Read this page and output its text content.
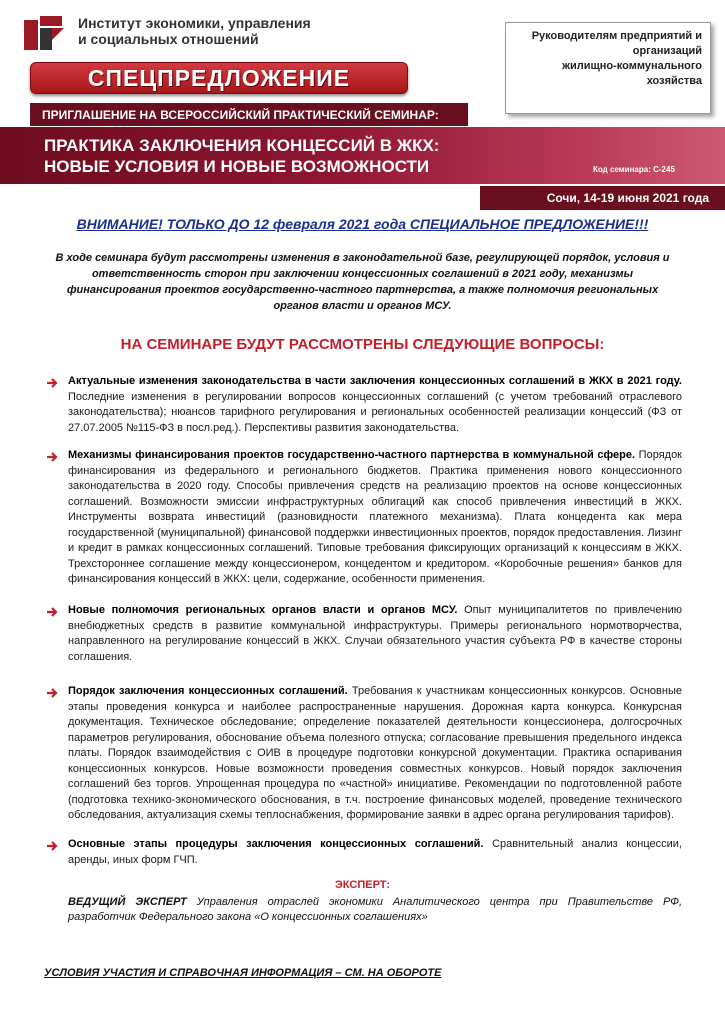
Институт экономики, управления
и социальных отношений
СПЕЦПРЕДЛОЖЕНИЕ
Руководителям предприятий и
организаций
жилищно-коммунального
хозяйства
ПРИГЛАШЕНИЕ НА ВСЕРОССИЙСКИЙ ПРАКТИЧЕСКИЙ СЕМИНАР:
ПРАКТИКА ЗАКЛЮЧЕНИЯ КОНЦЕССИЙ В ЖКХ:
НОВЫЕ УСЛОВИЯ И НОВЫЕ ВОЗМОЖНОСТИ	Код семинара: С-245
Сочи, 14-19 июня 2021 года
ВНИМАНИЕ! ТОЛЬКО ДО 12 февраля 2021 года СПЕЦИАЛЬНОЕ ПРЕДЛОЖЕНИЕ!!!
В ходе семинара будут рассмотрены изменения в законодательной базе, регулирующей порядок, условия и ответственность сторон при заключении концессионных соглашений в 2021 году, механизмы финансирования проектов государственно-частного партнерства, а также полномочия региональных органов власти и органов МСУ.
НА СЕМИНАРЕ БУДУТ РАССМОТРЕНЫ СЛЕДУЮЩИЕ ВОПРОСЫ:
Актуальные изменения законодательства в части заключения концессионных соглашений в ЖКХ в 2021 году. Последние изменения в регулировании вопросов концессионных соглашений (с учетом требований отраслевого законодательства); нюансов тарифного регулирования и региональных особенностей реализации концессий (ФЗ от 27.07.2005 №115-ФЗ в посл.ред.). Перспективы развития законодательства.
Механизмы финансирования проектов государственно-частного партнерства в коммунальной сфере. Порядок финансирования из федерального и регионального бюджетов. Практика применения нового концессионного законодательства в 2020 году. Способы привлечения средств на реализацию проектов на основе концессионных соглашений. Возможности эмиссии инфраструктурных облигаций как способ привлечения инвестиций в ЖКХ. Инструменты возврата инвестиций (разновидности платежного механизма). Плата концедента как мера государственной (муниципальной) финансовой поддержки инвестиционных проектов, порядок предоставления. Лизинг и кредит в рамках концессионных соглашений. Типовые требования фиксирующих организаций к концессиям в ЖКХ. Трехстороннее соглашение между концессионером, концедентом и кредитором. «Коробочные решения» банков для финансирования концессий в ЖКХ: цели, содержание, особенности применения.
Новые полномочия региональных органов власти и органов МСУ. Опыт муниципалитетов по привлечению внебюджетных средств в развитие коммунальной инфраструктуры. Примеры регионального нормотворчества, направленного на регулирование концессий в ЖКХ. Случаи обязательного участия субъекта РФ в качестве стороны соглашения.
Порядок заключения концессионных соглашений. Требования к участникам концессионных конкурсов. Основные этапы проведения конкурса и наиболее распространенные нарушения. Дорожная карта конкурса. Конкурсная документация. Техническое обследование; определение показателей деятельности концессионера, долгосрочных параметров регулирования, обоснование объема полезного отпуска; согласование превышения предельного индекса платы. Порядок взаимодействия с ОИВ в процедуре подготовки конкурсной документации. Практика оспаривания концессионных конкурсов. Новые возможности проведения совместных конкурсов. Новый порядок заключения соглашений без торгов. Упрощенная процедура по «частной» инициативе. Рекомендации по подготовленной работе (подготовка технико-экономического обоснования, в т.ч. построение финансовых моделей, проведение технического обследования, актуализация схемы теплоснабжения, формирование заявки в адрес органа регулирования тарифов).
Основные этапы процедуры заключения концессионных соглашений. Сравнительный анализ концессии, аренды, иных форм ГЧП.
ЭКСПЕРТ:
ВЕДУЩИЙ ЭКСПЕРТ Управления отраслей экономики Аналитического центра при Правительстве РФ, разработчик Федерального закона «О концессионных соглашениях»
УСЛОВИЯ УЧАСТИЯ И СПРАВОЧНАЯ ИНФОРМАЦИЯ – СМ. НА ОБОРОТЕ
